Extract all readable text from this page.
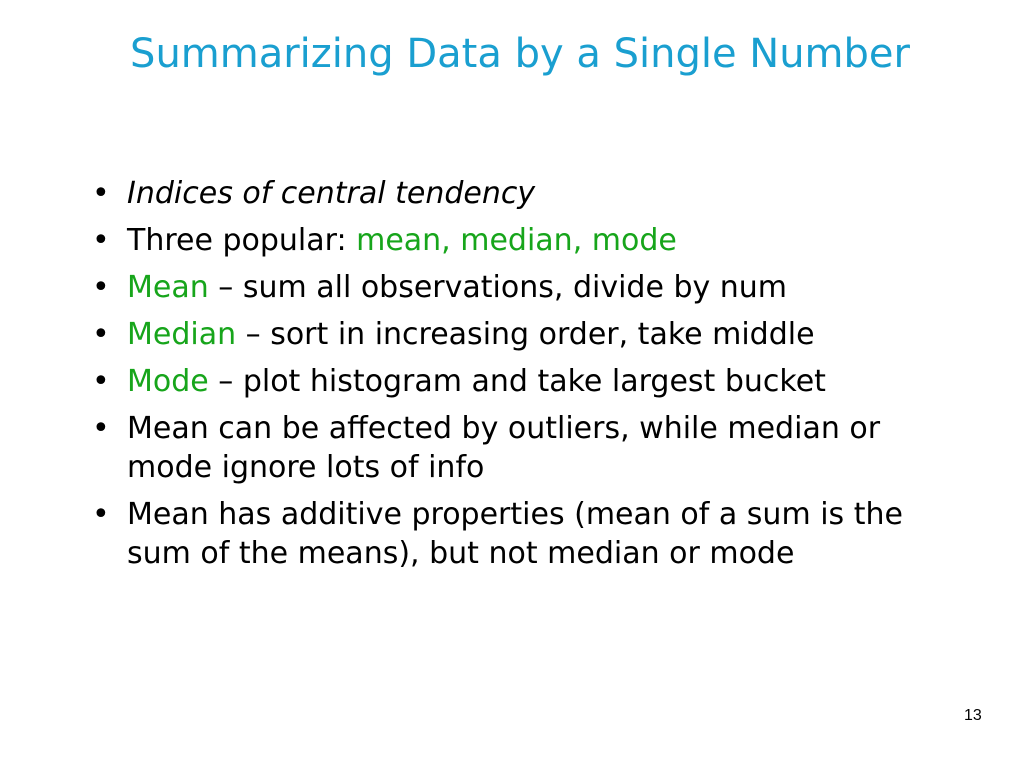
Summarizing Data by a Single Number
• Indices of central tendency
• Three popular: mean, median, mode
• Mean – sum all observations, divide by num
• Median – sort in increasing order, take middle
• Mode – plot histogram and take largest bucket
• Mean can be affected by outliers, while median or mode ignore lots of info
• Mean has additive properties (mean of a sum is the sum of the means), but not median or mode
13
